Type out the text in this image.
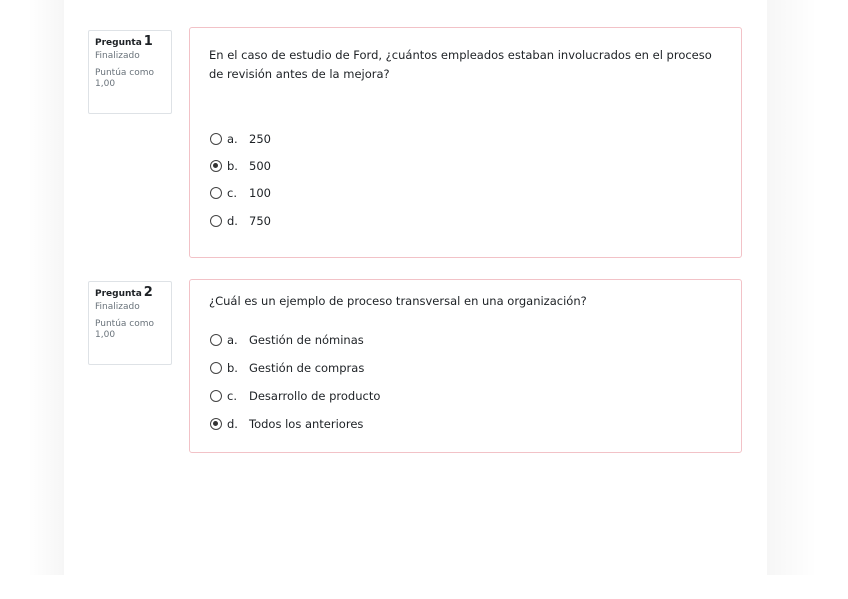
Pregunta 1
Finalizado
Puntúa como 1,00
En el caso de estudio de Ford, ¿cuántos empleados estaban involucrados en el proceso de revisión antes de la mejora?
a. 250
b. 500
c.	100
d. 750
Pregunta 2
Finalizado
Puntúa como 1,00
¿Cuál es un ejemplo de proceso transversal en una organización?
a. Gestión de nóminas
b. Gestión de compras
c.	Desarrollo de producto
d. Todos los anteriores
